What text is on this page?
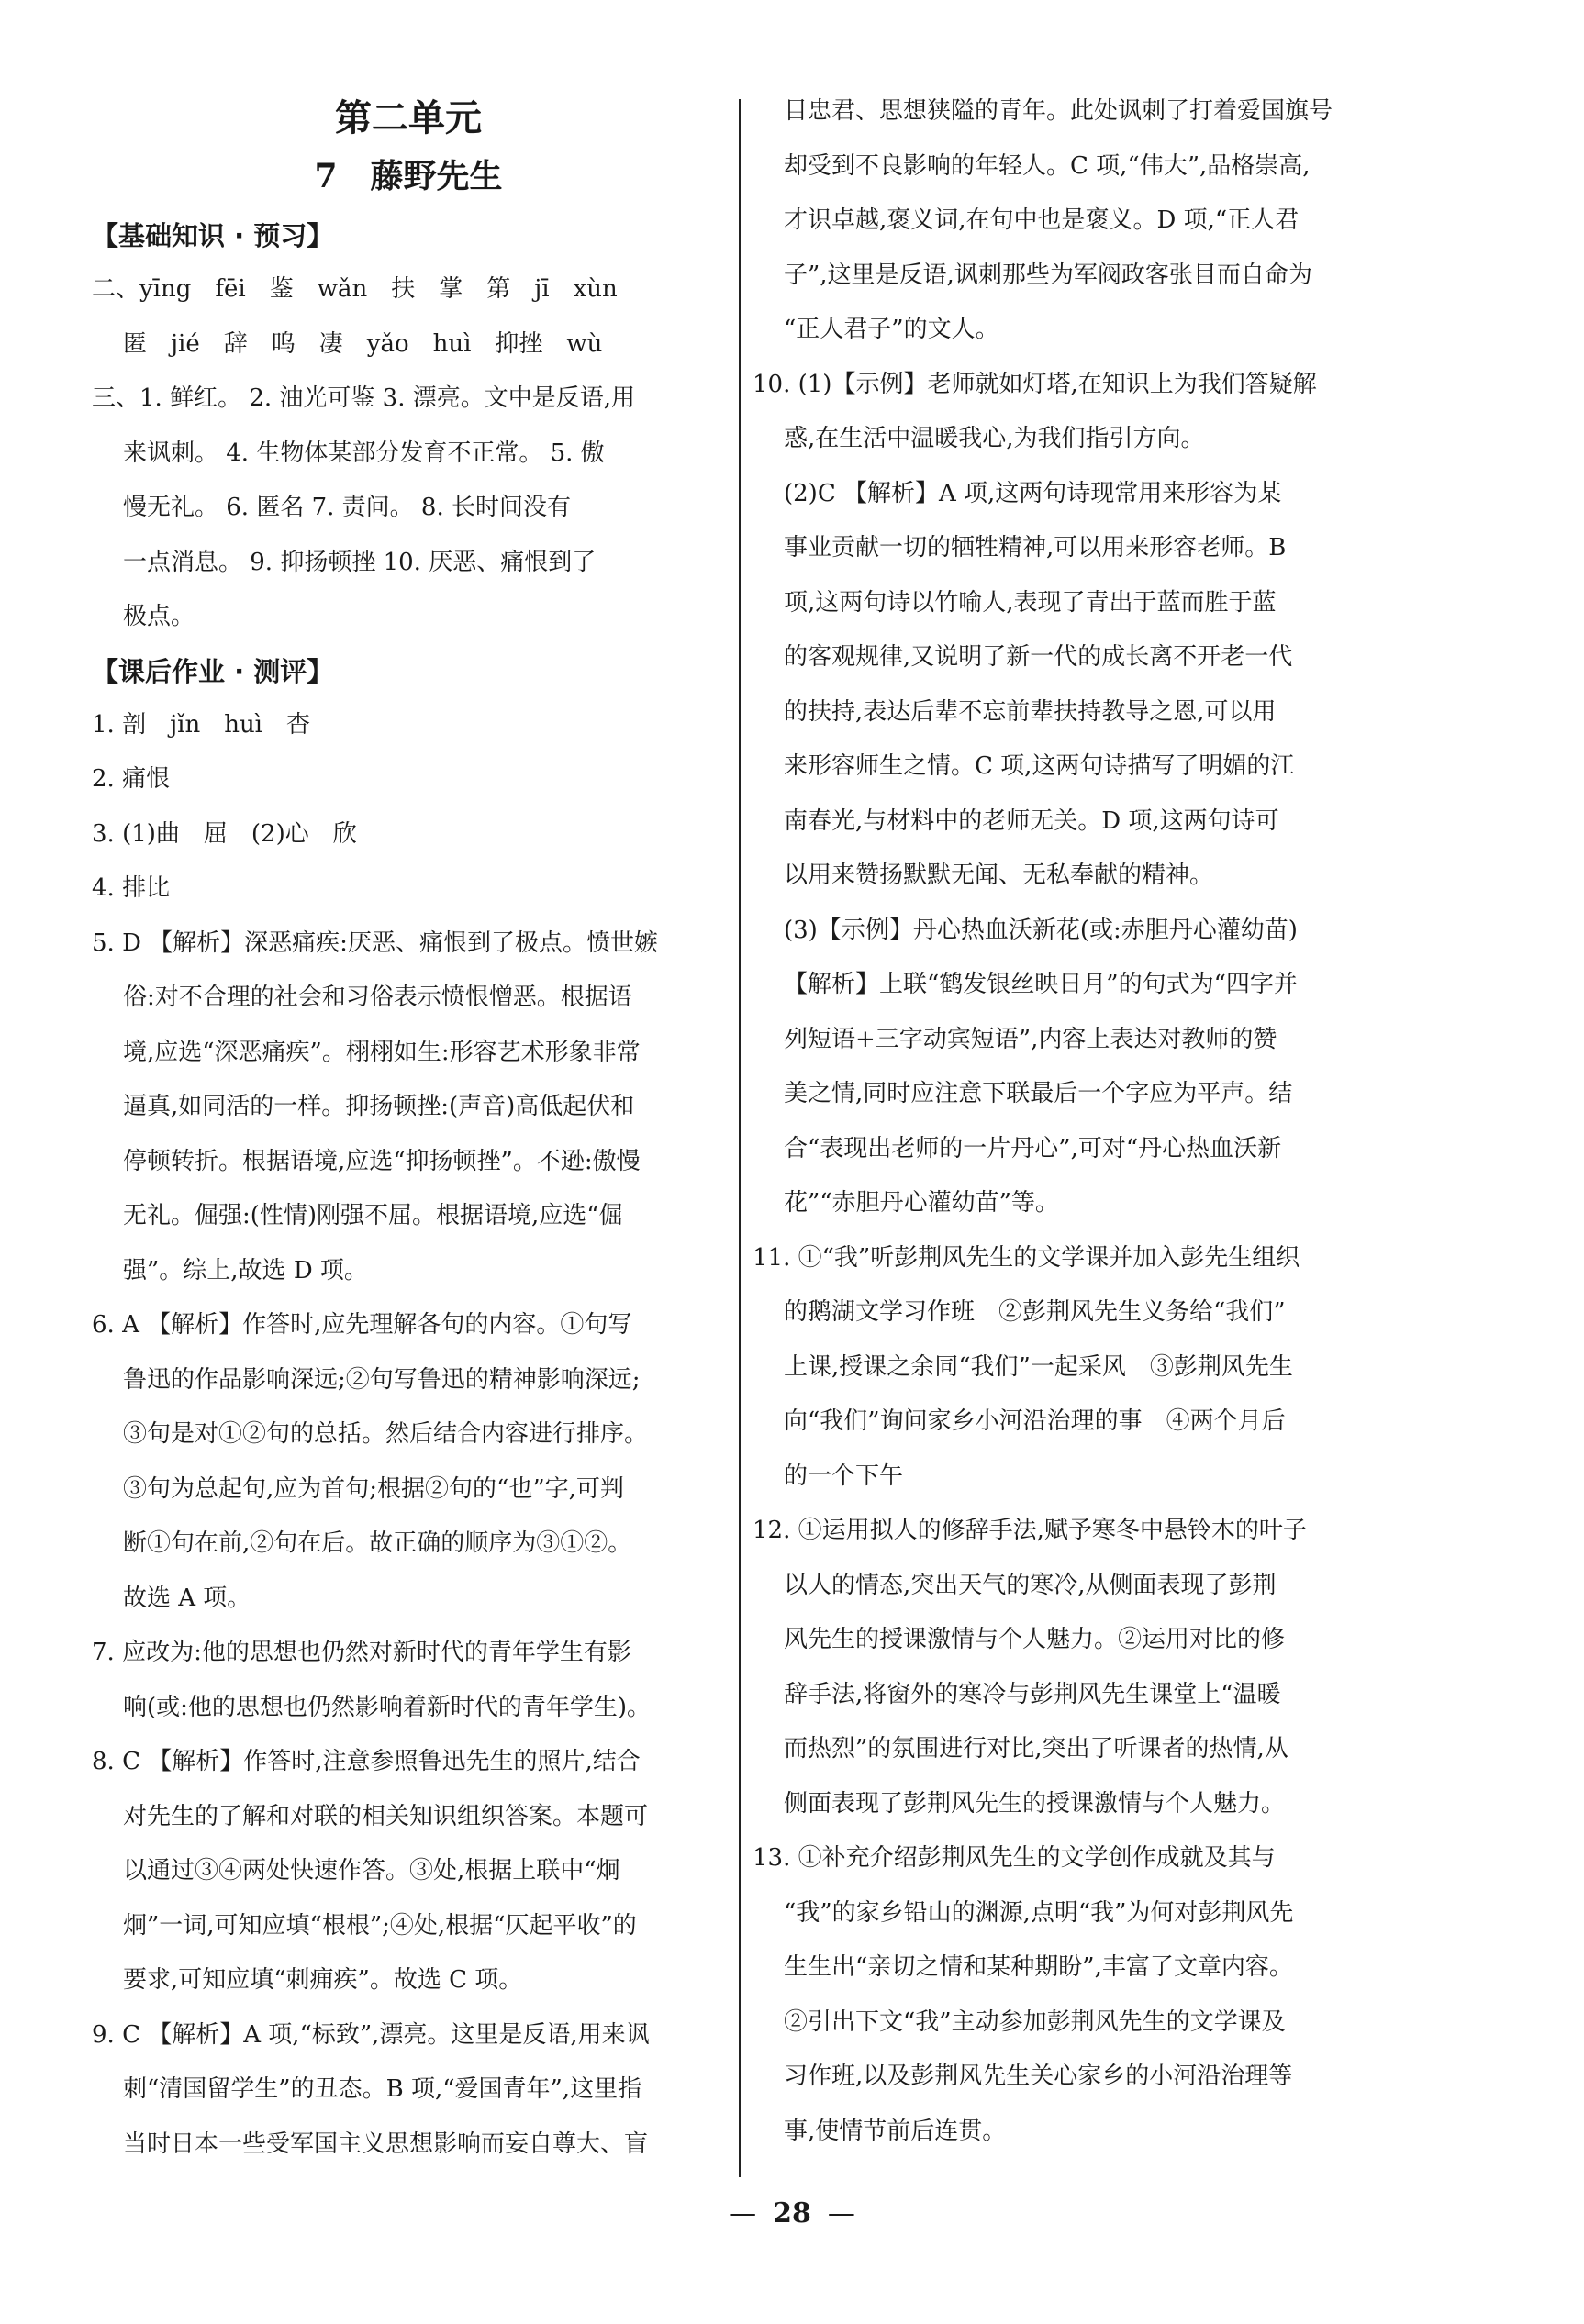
第二单元
7　藤野先生
【基础知识 · 预习】
二、yīng　fēi　鉴　wǎn　扶　掌　第　jī　xùn
匿　jié　辞　呜　凄　yǎo　huì　抑挫　wù
三、1. 鲜红。 2. 油光可鉴 3. 漂亮。文中是反语,用
来讽刺。 4. 生物体某部分发育不正常。 5. 傲
慢无礼。 6. 匿名 7. 责问。 8. 长时间没有
一点消息。 9. 抑扬顿挫 10. 厌恶、痛恨到了
极点。
【课后作业 · 测评】
1. 剖　jǐn　huì　杳
2. 痛恨
3. (1)曲　屈　(2)心　欣
4. 排比
5. D 【解析】深恶痛疾:厌恶、痛恨到了极点。愤世嫉
俗:对不合理的社会和习俗表示愤恨憎恶。根据语
境,应选“深恶痛疾”。栩栩如生:形容艺术形象非常
逼真,如同活的一样。抑扬顿挫:(声音)高低起伏和
停顿转折。根据语境,应选“抑扬顿挫”。不逊:傲慢
无礼。倔强:(性情)刚强不屈。根据语境,应选“倔
强”。综上,故选 D 项。
6. A 【解析】作答时,应先理解各句的内容。①句写
鲁迅的作品影响深远;②句写鲁迅的精神影响深远;
③句是对①②句的总括。然后结合内容进行排序。
③句为总起句,应为首句;根据②句的“也”字,可判
断①句在前,②句在后。故正确的顺序为③①②。
故选 A 项。
7. 应改为:他的思想也仍然对新时代的青年学生有影
响(或:他的思想也仍然影响着新时代的青年学生)。
8. C 【解析】作答时,注意参照鲁迅先生的照片,结合
对先生的了解和对联的相关知识组织答案。本题可
以通过③④两处快速作答。③处,根据上联中“炯
炯”一词,可知应填“根根”;④处,根据“仄起平收”的
要求,可知应填“刺痈疾”。故选 C 项。
9. C 【解析】A 项,“标致”,漂亮。这里是反语,用来讽
刺“清国留学生”的丑态。B 项,“爱国青年”,这里指
当时日本一些受军国主义思想影响而妄自尊大、盲
目忠君、思想狭隘的青年。此处讽刺了打着爱国旗号
却受到不良影响的年轻人。C 项,“伟大”,品格崇高,
才识卓越,褒义词,在句中也是褒义。D 项,“正人君
子”,这里是反语,讽刺那些为军阀政客张目而自命为
“正人君子”的文人。
10. (1)【示例】老师就如灯塔,在知识上为我们答疑解
惑,在生活中温暖我心,为我们指引方向。
(2)C 【解析】A 项,这两句诗现常用来形容为某
事业贡献一切的牺牲精神,可以用来形容老师。B
项,这两句诗以竹喻人,表现了青出于蓝而胜于蓝
的客观规律,又说明了新一代的成长离不开老一代
的扶持,表达后辈不忘前辈扶持教导之恩,可以用
来形容师生之情。C 项,这两句诗描写了明媚的江
南春光,与材料中的老师无关。D 项,这两句诗可
以用来赞扬默默无闻、无私奉献的精神。
(3)【示例】丹心热血沃新花(或:赤胆丹心灌幼苗)
【解析】上联“鹤发银丝映日月”的句式为“四字并
列短语+三字动宾短语”,内容上表达对教师的赞
美之情,同时应注意下联最后一个字应为平声。结
合“表现出老师的一片丹心”,可对“丹心热血沃新
花”“赤胆丹心灌幼苗”等。
11. ①“我”听彭荆风先生的文学课并加入彭先生组织
的鹅湖文学习作班　②彭荆风先生义务给“我们”
上课,授课之余同“我们”一起采风　③彭荆风先生
向“我们”询问家乡小河沿治理的事　④两个月后
的一个下午
12. ①运用拟人的修辞手法,赋予寒冬中悬铃木的叶子
以人的情态,突出天气的寒冷,从侧面表现了彭荆
风先生的授课激情与个人魅力。②运用对比的修
辞手法,将窗外的寒冷与彭荆风先生课堂上“温暖
而热烈”的氛围进行对比,突出了听课者的热情,从
侧面表现了彭荆风先生的授课激情与个人魅力。
13. ①补充介绍彭荆风先生的文学创作成就及其与
“我”的家乡铅山的渊源,点明“我”为何对彭荆风先
生生出“亲切之情和某种期盼”,丰富了文章内容。
②引出下文“我”主动参加彭荆风先生的文学课及
习作班,以及彭荆风先生关心家乡的小河沿治理等
事,使情节前后连贯。
— 28 —
